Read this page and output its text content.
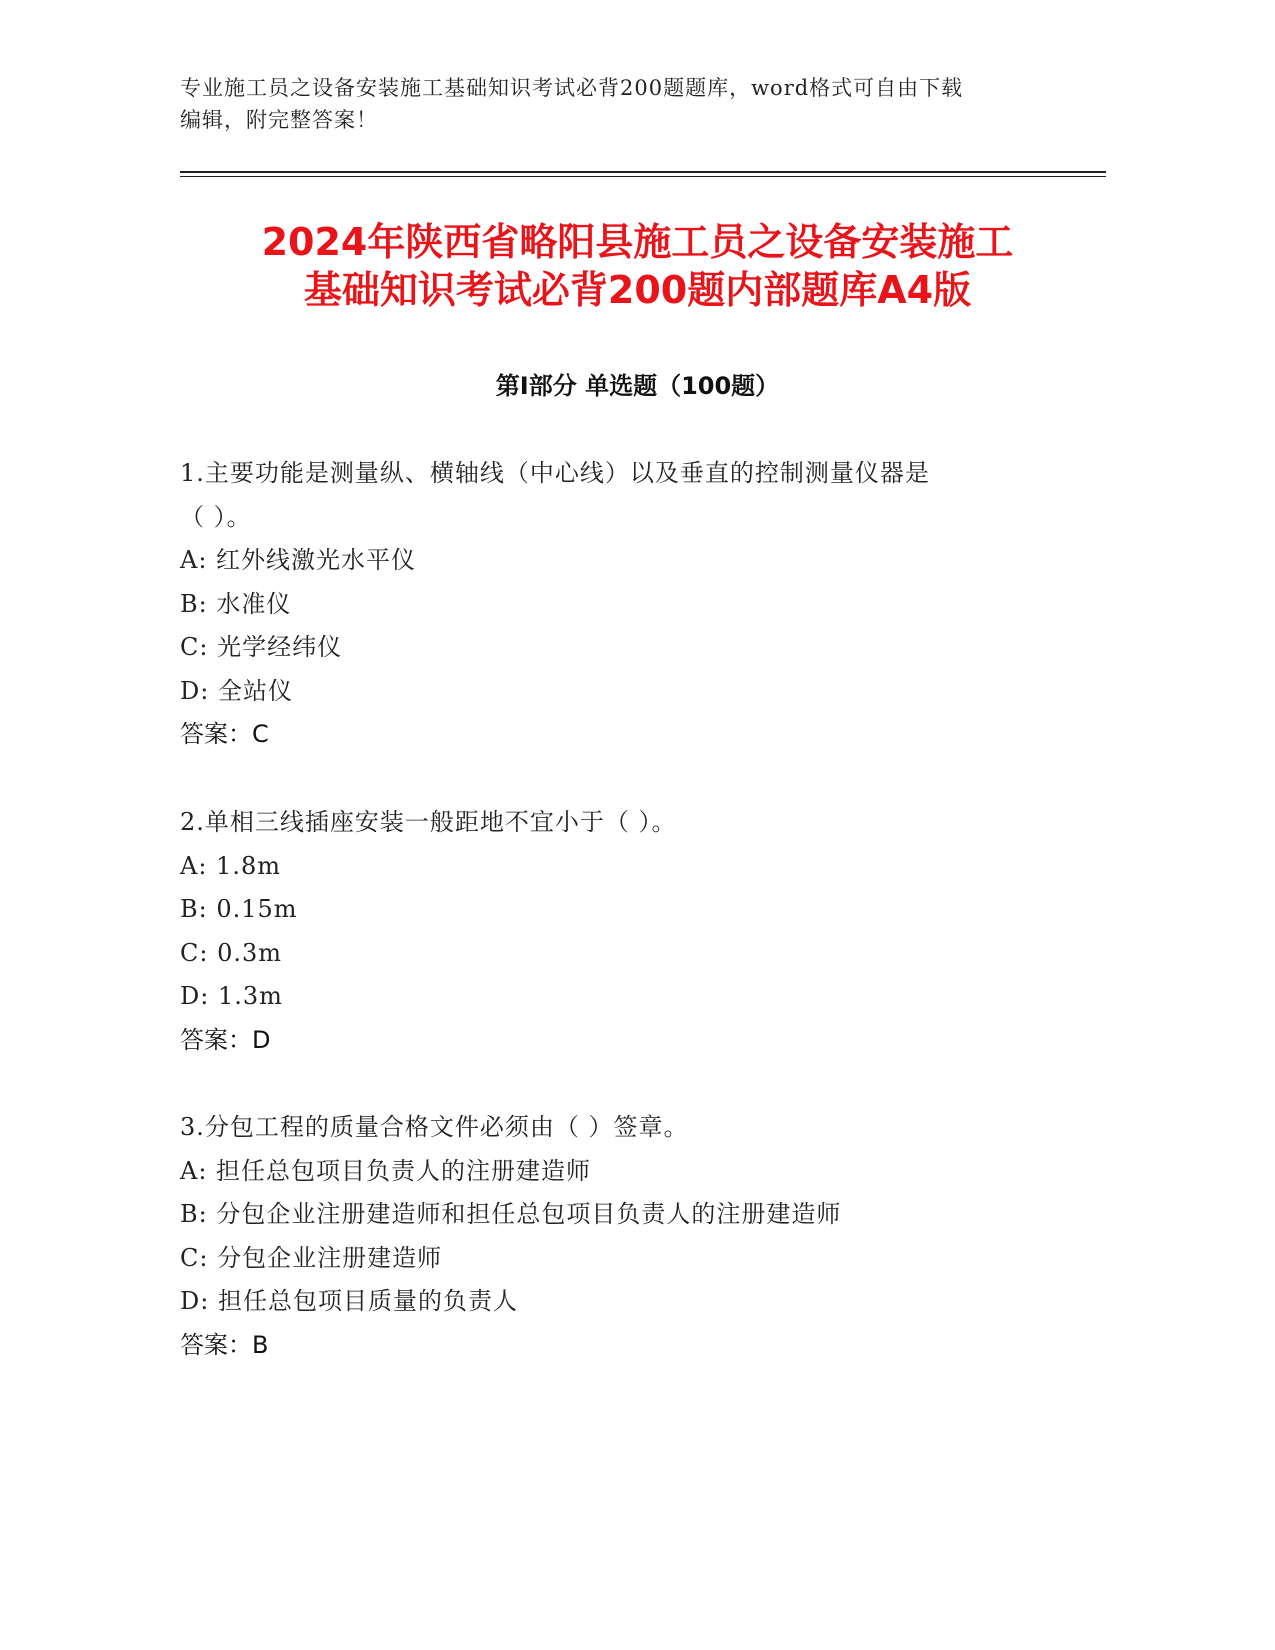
专业施工员之设备安装施工基础知识考试必背200题题库，word格式可自由下载
编辑，附完整答案！
2024年陕西省略阳县施工员之设备安装施工
基础知识考试必背200题内部题库A4版
第Ⅰ部分 单选题（100题）
1.主要功能是测量纵、横轴线（中心线）以及垂直的控制测量仪器是
（ ）。
A: 红外线激光水平仪
B: 水准仪
C: 光学经纬仪
D: 全站仪
答案：C
2.单相三线插座安装一般距地不宜小于（ ）。
A: 1.8m
B: 0.15m
C: 0.3m
D: 1.3m
答案：D
3.分包工程的质量合格文件必须由（ ）签章。
A: 担任总包项目负责人的注册建造师
B: 分包企业注册建造师和担任总包项目负责人的注册建造师
C: 分包企业注册建造师
D: 担任总包项目质量的负责人
答案：B
